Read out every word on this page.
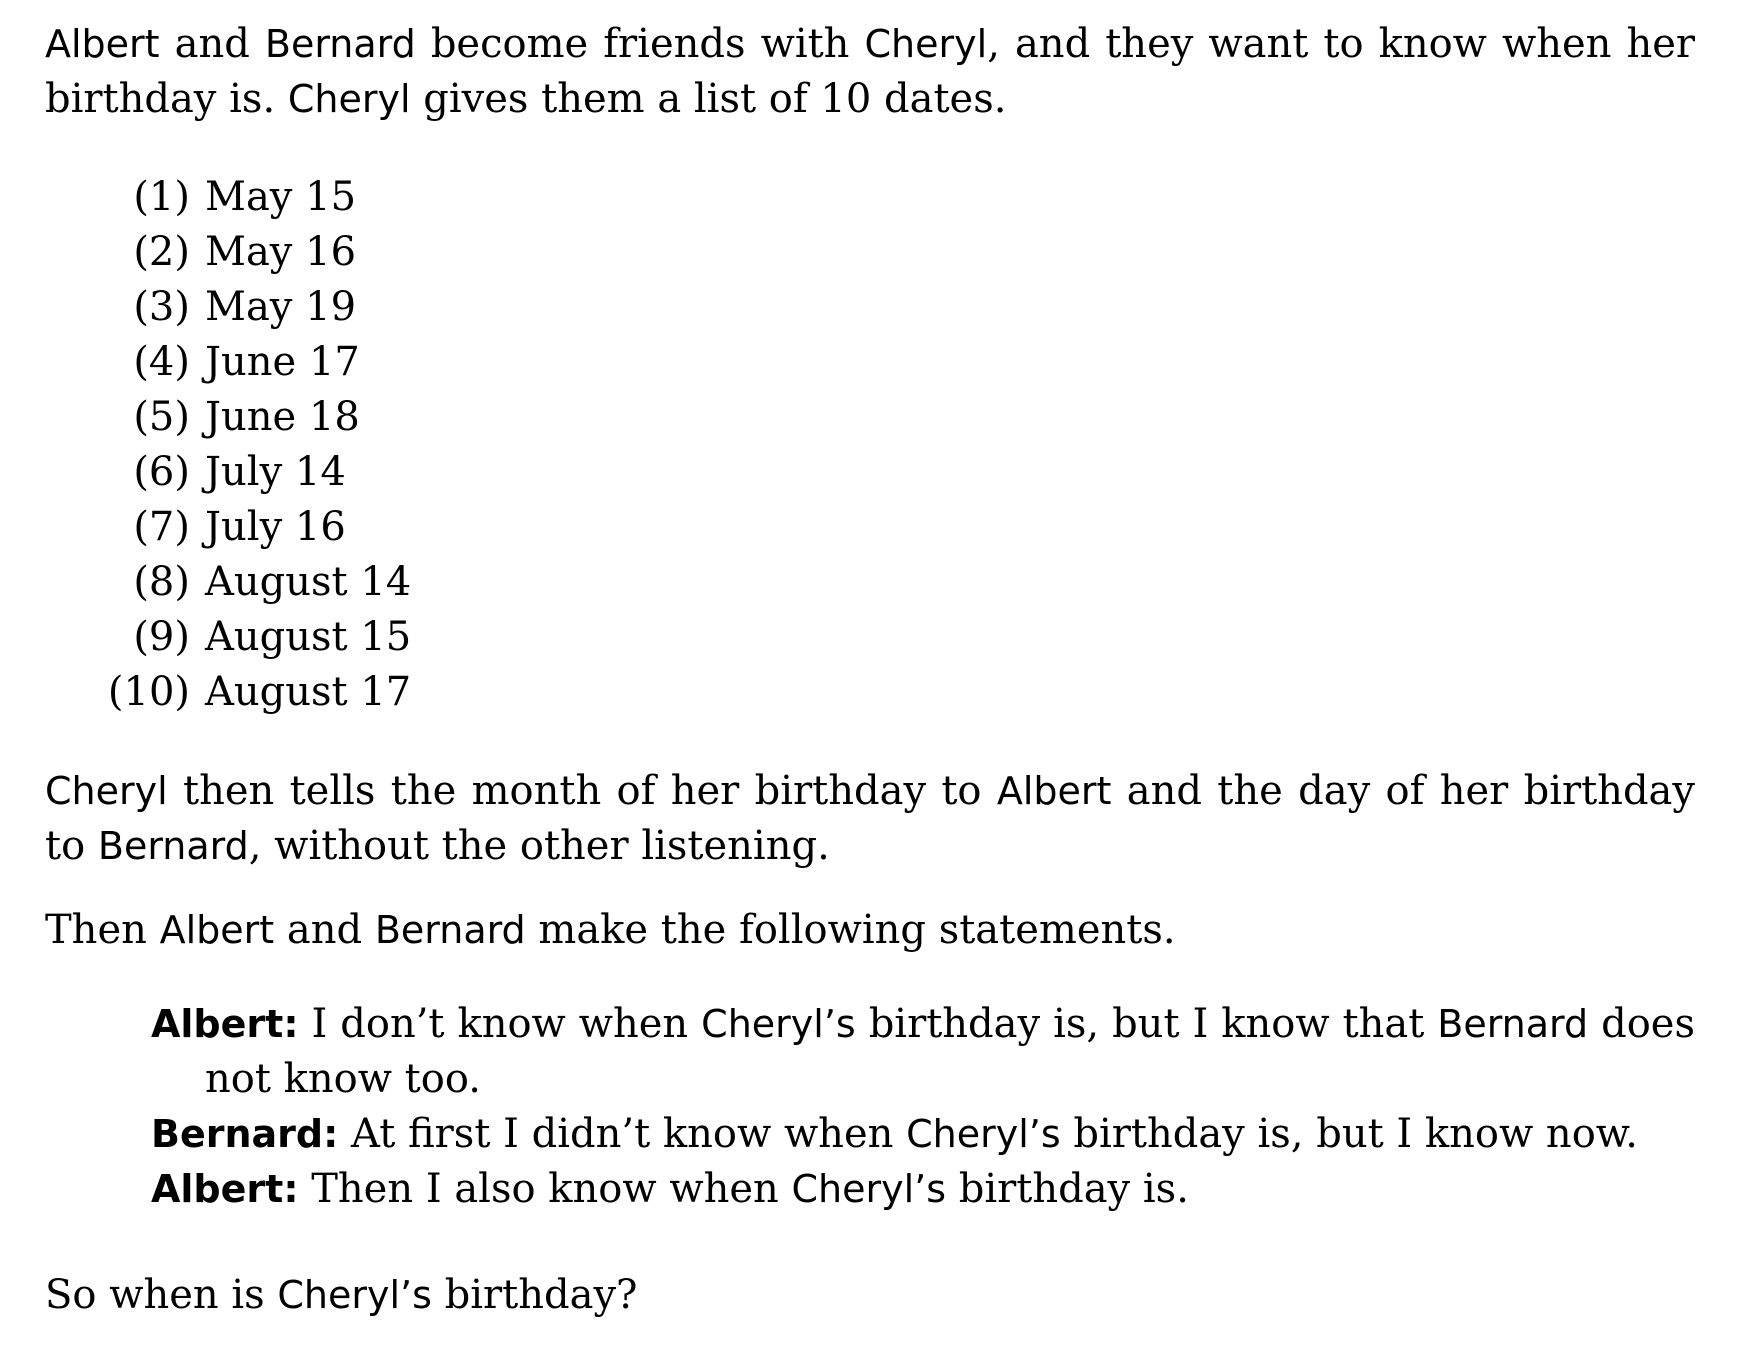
Albert and Bernard become friends with Cheryl, and they want to know when her birthday is. Cheryl gives them a list of 10 dates.

(1) May 15
(2) May 16
(3) May 19
(4) June 17
(5) June 18
(6) July 14
(7) July 16
(8) August 14
(9) August 15
(10) August 17

Cheryl then tells the month of her birthday to Albert and the day of her birthday to Bernard, without the other listening.

Then Albert and Bernard make the following statements.

Albert: I don’t know when Cheryl’s birthday is, but I know that Bernard does not know too.

Bernard: At first I didn’t know when Cheryl’s birthday is, but I know now.

Albert: Then I also know when Cheryl’s birthday is.

So when is Cheryl’s birthday?
